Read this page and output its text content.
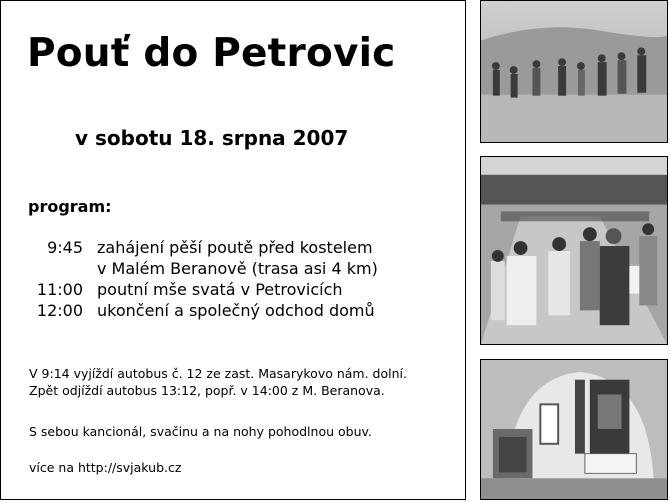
Pouť do Petrovic
v sobotu 18. srpna 2007
program:
9:45 zahájení pěší poutě před kostelem
v Malém Beranově (trasa asi 4 km)
11:00 poutní mše svatá v Petrovicích
12:00 ukončení a společný odchod domů
V 9:14 vyjíždí autobus č. 12 ze zast. Masarykovo nám. dolní.
Zpět odjíždí autobus 13:12, popř. v 14:00 z M. Beranova.
S sebou kancionál, svačinu a na nohy pohodlnou obuv.
více na http://svjakub.cz
